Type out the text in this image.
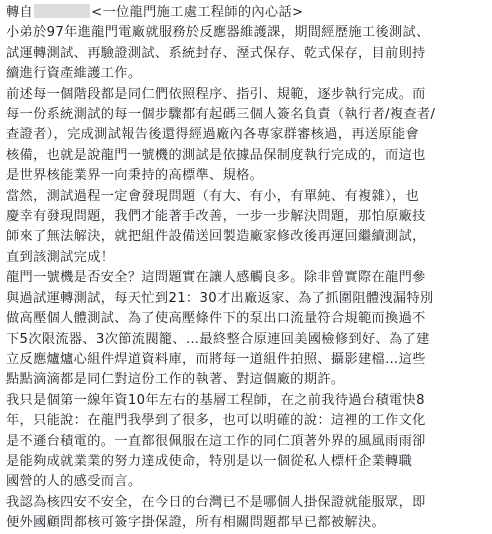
轉自	<一位龍門施工處工程師的內心話>
小弟於97年進龍門電廠就服務於反應器維護課，期間經歷施工後測試、
試運轉測試、再驗證測試、系統封存、溼式保存、乾式保存，目前則持
續進行資產維護工作。
前述每一個階段都是同仁們依照程序、指引、規範，逐步執行完成。而
每一份系統測試的每一個步驟都有起碼三個人簽名負責（執行者/複查者/
查證者），完成測試報告後還得經過廠內各專家群審核過，再送原能會
核備，也就是說龍門一號機的測試是依據品保制度執行完成的，而這也
是世界核能業界一向秉持的高標準、規格。
當然，測試過程一定會發現問題（有大、有小，有單純、有複雜），也
慶幸有發現問題，我們才能著手改善，一步一步解決問題，那怕原廠技
師來了無法解決，就把組件設備送回製造廠家修改後再運回繼續測試，
直到該測試完成！
龍門一號機是否安全？這問題實在讓人感觸良多。除非曾實際在龍門參
與過試運轉測試，每天忙到21：30才出廠返家、為了抓圍阻體洩漏特別
做高壓個人體測試、為了使高壓條件下的泵出口流量符合規範而換過不
下5次限流器、3次節流閥籠、…最終整合原連回美國檢修到好、為了建
立反應爐爐心組件焊道資料庫，而將每一道組件拍照、攝影建檔…這些
點點滴滴都是同仁對這份工作的執著、對這個廠的期許。
我只是個第一線年資10年左右的基層工程師，在之前我待過台積電快8
年，只能說：在龍門我學到了很多，也可以明確的說：這裡的工作文化
是不遜台積電的。一直都很佩服在這工作的同仁頂著外界的風風雨雨卻
是能夠成就業業的努力達成使命，特別是以一個從私人標杆企業轉職
國營的人的感受而言。
我認為核四安不安全，在今日的台灣已不是哪個人掛保證就能服眾，即
便外國顧問都核可簽字掛保證，所有相關問題都早已都被解決。
